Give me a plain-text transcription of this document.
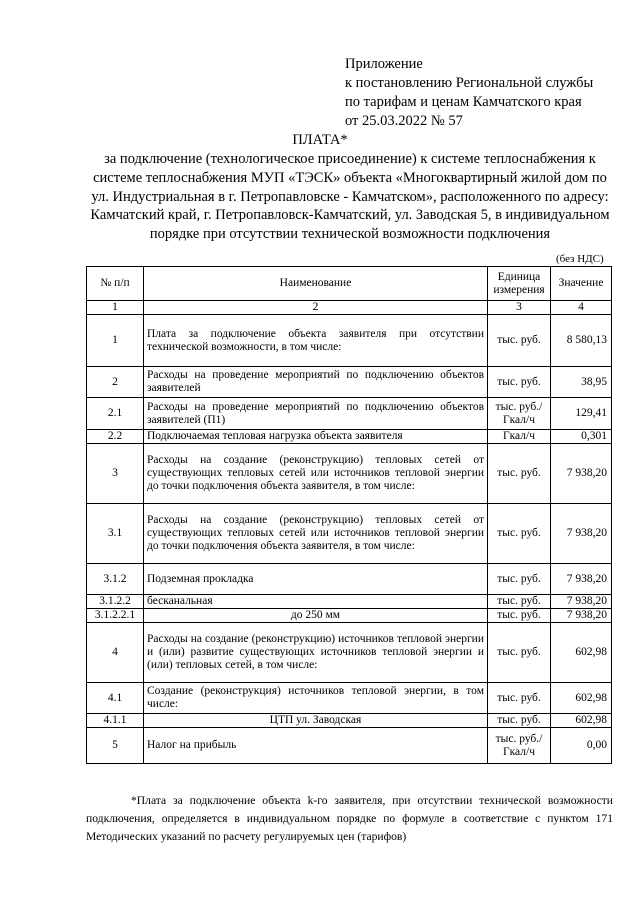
Приложение
к постановлению Региональной службы
по тарифам и ценам Камчатского края
от 25.03.2022 № 57
ПЛАТА*
за подключение (технологическое присоединение) к системе теплоснабжения к системе теплоснабжения МУП «ТЭСК» объекта «Многоквартирный жилой дом по ул. Индустриальная в г. Петропавловске - Камчатском», расположенного по адресу: Камчатский край, г. Петропавловск-Камчатский, ул. Заводская 5, в индивидуальном порядке при отсутствии технической возможности подключения
(без НДС)
№ п/п	Наименование	Единица измерения	Значение
1	2	3	4
1	Плата за подключение объекта заявителя при отсутствии технической возможности, в том числе:	тыс. руб.	8 580,13
2	Расходы на проведение мероприятий по подключению объектов заявителей	тыс. руб.	38,95
2.1	Расходы на проведение мероприятий по подключению объектов заявителей (П1)	тыс. руб./ Гкал/ч	129,41
2.2	Подключаемая тепловая нагрузка объекта заявителя	Гкал/ч	0,301
3	Расходы на создание (реконструкцию) тепловых сетей от существующих тепловых сетей или источников тепловой энергии до точки подключения объекта заявителя, в том числе:	тыс. руб.	7 938,20
3.1	Расходы на создание (реконструкцию) тепловых сетей от существующих тепловых сетей или источников тепловой энергии до точки подключения объекта заявителя, в том числе:	тыс. руб.	7 938,20
3.1.2	Подземная прокладка	тыс. руб.	7 938,20
3.1.2.2	бесканальная	тыс. руб.	7 938,20
3.1.2.2.1	до 250 мм	тыс. руб.	7 938,20
4	Расходы на создание (реконструкцию) источников тепловой энергии и (или) развитие существующих источников тепловой энергии и (или) тепловых сетей, в том числе:	тыс. руб.	602,98
4.1	Создание (реконструкция) источников тепловой энергии, в том числе:	тыс. руб.	602,98
4.1.1	ЦТП ул. Заводская	тыс. руб.	602,98
5	Налог на прибыль	тыс. руб./ Гкал/ч	0,00
*Плата за подключение объекта k-го заявителя, при отсутствии технической возможности подключения, определяется в индивидуальном порядке по формуле в соответствие с пунктом 171 Методических указаний по расчету регулируемых цен (тарифов)
